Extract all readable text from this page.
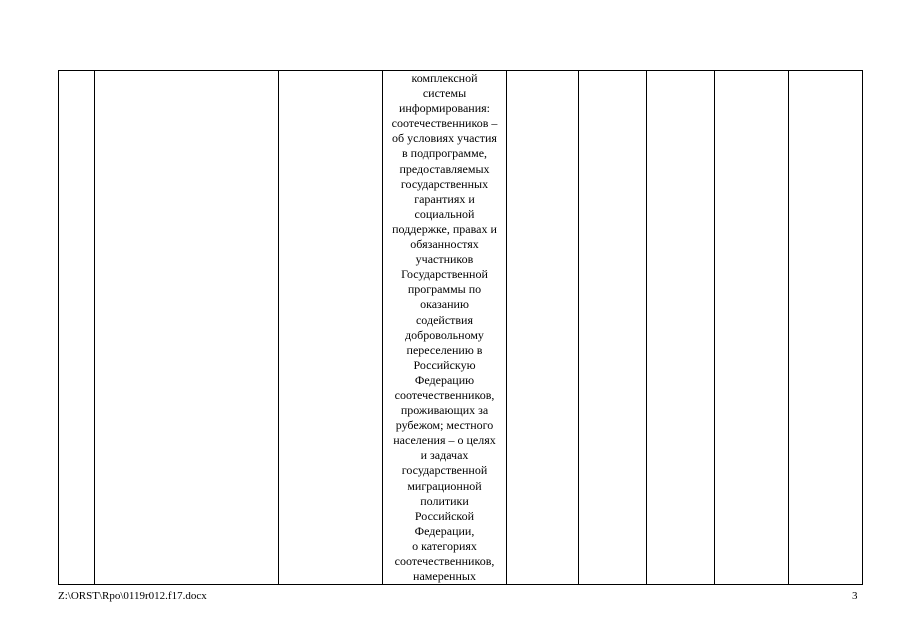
комплексной
системы
информирования:
соотечественников –
об условиях участия
в подпрограмме,
предоставляемых
государственных
гарантиях и
социальной
поддержке, правах и
обязанностях
участников
Государственной
программы по
оказанию
содействия
добровольному
переселению в
Российскую
Федерацию
соотечественников,
проживающих за
рубежом; местного
населения – о целях
и задачах
государственной
миграционной
политики
Российской
Федерации,
о категориях
соотечественников,
намеренных

Z:\ORST\Rpo\0119r012.f17.docx	3
